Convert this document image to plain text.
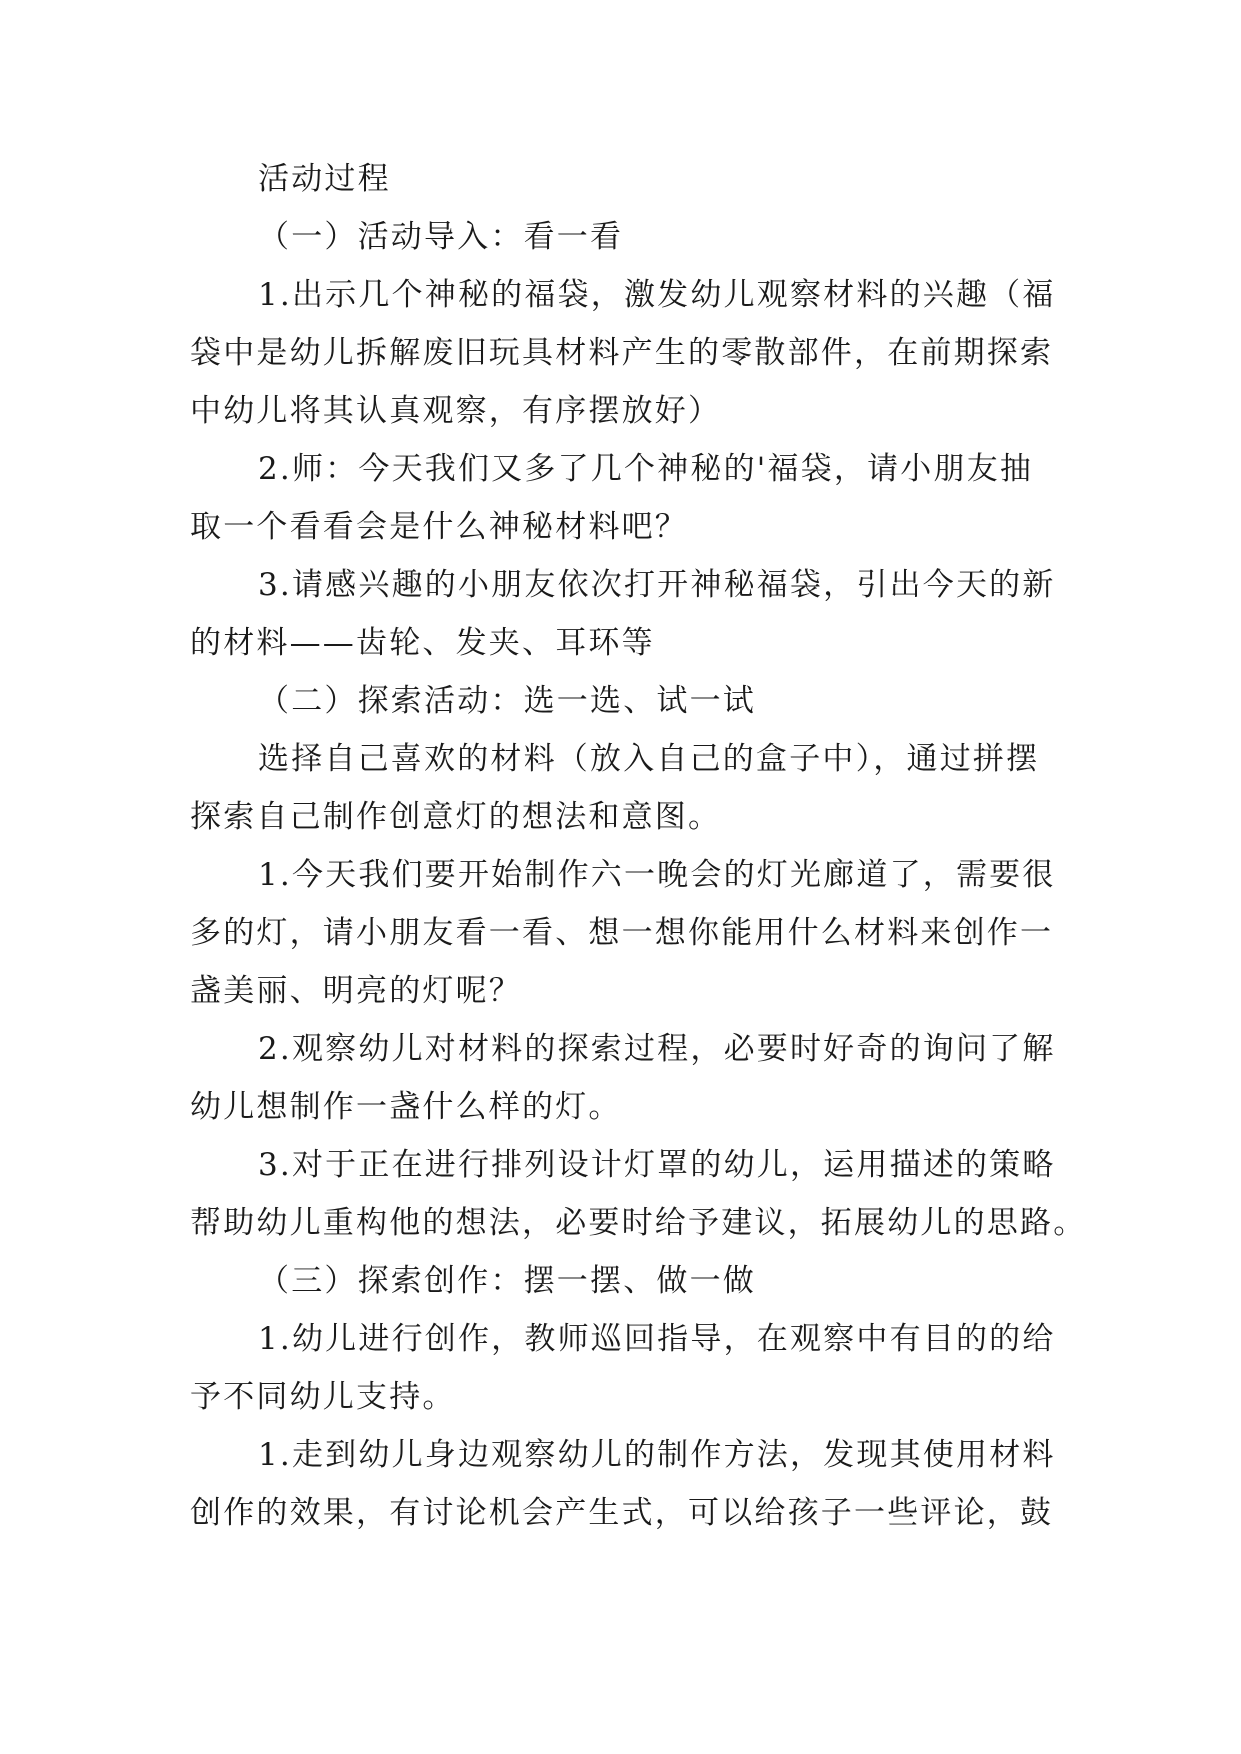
活动过程
（一）活动导入：看一看
1.出示几个神秘的福袋，激发幼儿观察材料的兴趣（福
袋中是幼儿拆解废旧玩具材料产生的零散部件，在前期探索
中幼儿将其认真观察，有序摆放好）
2.师：今天我们又多了几个神秘的'福袋，请小朋友抽
取一个看看会是什么神秘材料吧？
3.请感兴趣的小朋友依次打开神秘福袋，引出今天的新
的材料——齿轮、发夹、耳环等
（二）探索活动：选一选、试一试
选择自己喜欢的材料（放入自己的盒子中），通过拼摆
探索自己制作创意灯的想法和意图。
1.今天我们要开始制作六一晚会的灯光廊道了，需要很
多的灯，请小朋友看一看、想一想你能用什么材料来创作一
盏美丽、明亮的灯呢？
2.观察幼儿对材料的探索过程，必要时好奇的询问了解
幼儿想制作一盏什么样的灯。
3.对于正在进行排列设计灯罩的幼儿，运用描述的策略
帮助幼儿重构他的想法，必要时给予建议，拓展幼儿的思路。
（三）探索创作：摆一摆、做一做
1.幼儿进行创作，教师巡回指导，在观察中有目的的给
予不同幼儿支持。
1.走到幼儿身边观察幼儿的制作方法，发现其使用材料
创作的效果，有讨论机会产生式，可以给孩子一些评论，鼓
